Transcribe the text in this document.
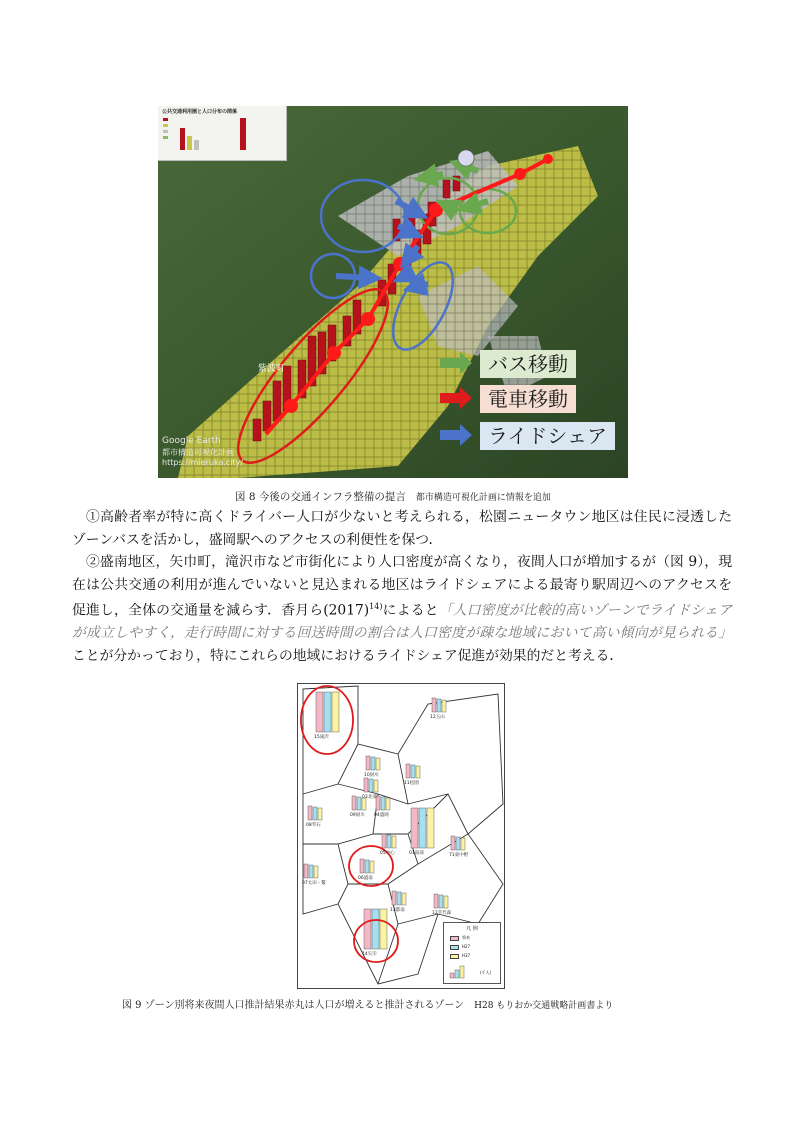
公共交通利用圏と人口分布の関係
バス移動
電車移動
ライドシェア
紫波町
Google Earth
都市構造可視化計画
https://mieruka.city/
図 8 今後の交通インフラ整備の提言 都市構造可視化計画に情報を追加
①高齢者率が特に高くドライバー人口が少ないと考えられる，松園ニュータウン地区は住民に浸透したゾーンバスを活かし，盛岡駅へのアクセスの利便性を保つ．
②盛南地区，矢巾町，滝沢市など市街化により人口密度が高くなり，夜間人口が増加するが（図 9），現在は公共交通の利用が進んでいないと見込まれる地区はライドシェアによる最寄り駅周辺へのアクセスを促進し，全体の交通量を減らす．香月ら$(2017)^{14)}$によると「人口密度が比較的高いゾーンでライドシェアが成立しやすく，走行時間に対する回送時間の割合は人口密度が疎な地域において高い傾向が見られる」ことが分かっており，特にこれらの地域におけるライドシェア促進が効果的だと考える．
15滝沢
12玉山
10厨川
09厨川
08雫石
04盛岡
11松園
03北部
06盛南
05中心	01南部
07太田・繋
13都南
14矢巾
71東中野
12手代森
凡 例
将来
H27
H37
(千人)
図 9 ゾーン別将来夜間人口推計結果赤丸は人口が増えると推計されるゾーン H28 もりおか交通戦略計画書より
